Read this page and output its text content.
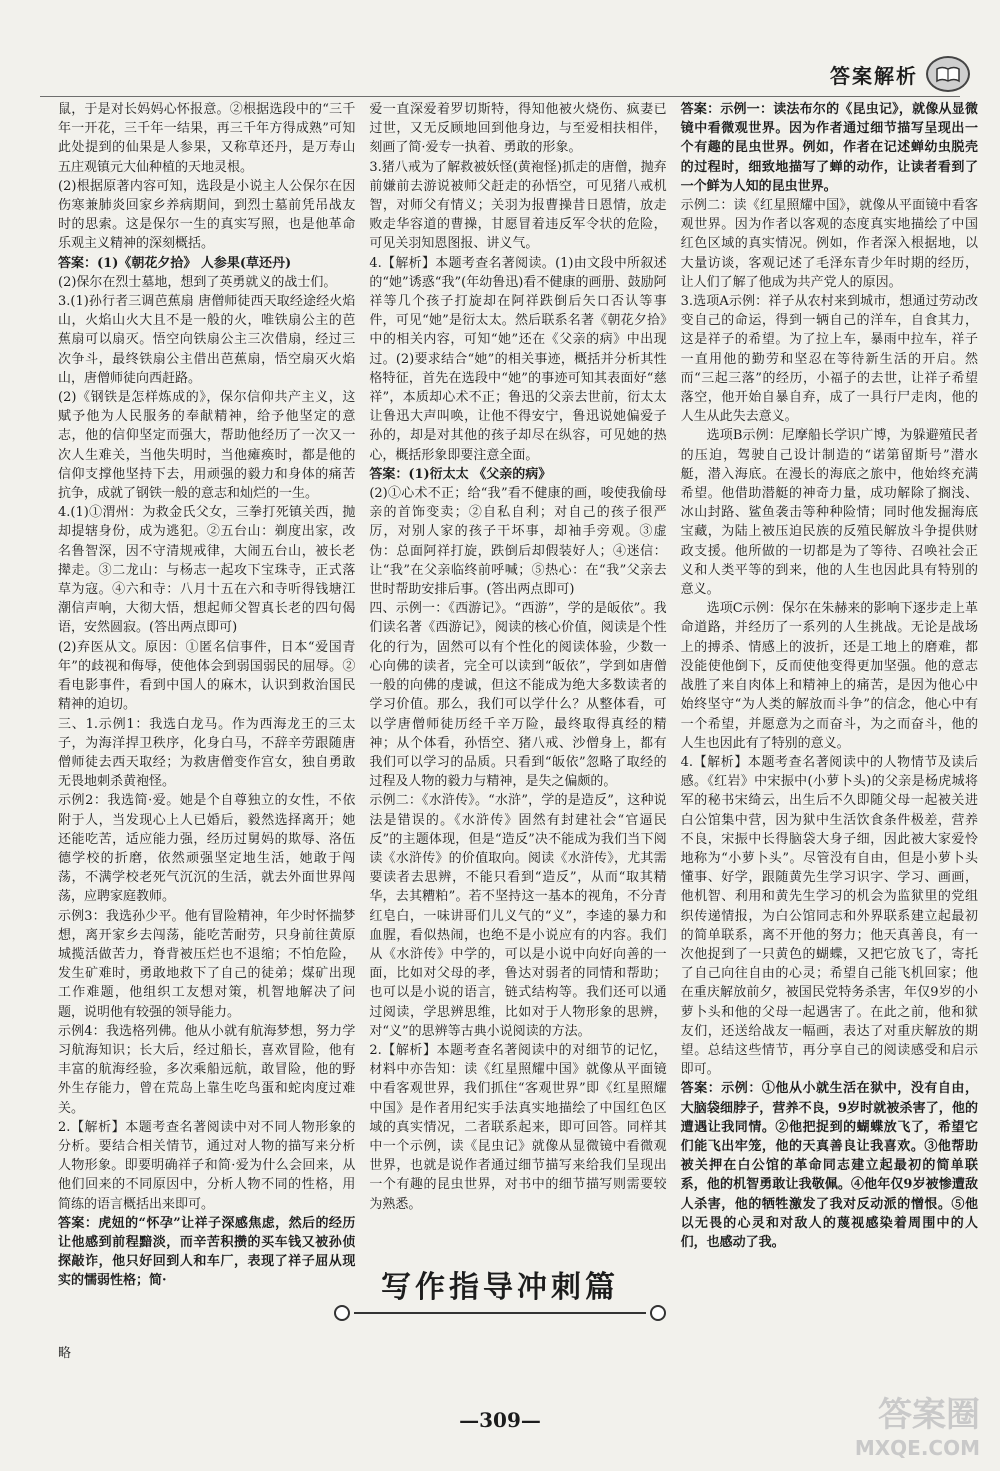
答案解析

鼠，于是对长妈妈心怀报意。②根据选段中的“三千年一开花，三千年一结果，再三千年方得成熟”可知此处提到的仙果是人参果，又称草还丹，是万寿山五庄观镇元大仙种植的天地灵根。

(2)根据原著内容可知，选段是小说主人公保尔在因伤寒兼肺炎回家乡养病期间，到烈士墓前凭吊战友时的思索。这是保尔一生的真实写照，也是他革命乐观主义精神的深刻概括。

答案：(1)《朝花夕拾》 人参果(草还丹)

(2)保尔在烈士墓地，想到了英勇就义的战士们。

3.(1)孙行者三调芭蕉扇 唐僧师徒西天取经途经火焰山，火焰山火大且不是一般的火，唯铁扇公主的芭蕉扇可以扇灭。悟空向铁扇公主三次借扇，经过三次争斗，最终铁扇公主借出芭蕉扇，悟空扇灭火焰山，唐僧师徒向西赶路。

(2)《钢铁是怎样炼成的》，保尔信仰共产主义，这赋予他为人民服务的奉献精神，给予他坚定的意志，他的信仰坚定而强大，帮助他经历了一次又一次人生难关，当他失明时，当他瘫痪时，都是他的信仰支撑他坚持下去，用顽强的毅力和身体的痛苦抗争，成就了钢铁一般的意志和灿烂的一生。

4.(1)①渭州：为救金氏父女，三拳打死镇关西，抛却提辖身份，成为逃犯。②五台山：剃度出家，改名鲁智深，因不守清规戒律，大闹五台山，被长老撵走。③二龙山：与杨志一起攻下宝珠寺，正式落草为寇。④六和寺：八月十五在六和寺听得钱塘江潮信声响，大彻大悟，想起师父智真长老的四句偈语，安然圆寂。(答出两点即可)

(2)弃医从文。原因：①匿名信事件，日本“爱国青年”的歧视和侮辱，使他体会到弱国弱民的屈辱。②看电影事件，看到中国人的麻木，认识到救治国民精神的迫切。

三、1.示例1：我选白龙马。作为西海龙王的三太子，为海洋捍卫秩序，化身白马，不辞辛劳跟随唐僧师徒去西天取经；为救唐僧变作宫女，独自勇敢无畏地刺杀黄袍怪。

示例2：我选简·爱。她是个自尊独立的女性，不依附于人，当发现心上人已婚后，毅然选择离开；她还能吃苦，适应能力强，经历过舅妈的欺辱、洛伍德学校的折磨，依然顽强坚定地生活，她敢于闯荡，不满学校老死气沉沉的生活，就去外面世界闯荡，应聘家庭教师。

示例3：我选孙少平。他有冒险精神，年少时怀揣梦想，离开家乡去闯荡，能吃苦耐劳，只身前往黄原城揽活做苦力，脊背被压烂也不退缩；不怕危险，发生矿难时，勇敢地救下了自己的徒弟；煤矿出现工作难题，他组织工友想对策，机智地解决了问题，说明他有较强的领导能力。

示例4：我选格列佛。他从小就有航海梦想，努力学习航海知识；长大后，经过船长，喜欢冒险，他有丰富的航海经验，多次乘船远航，敢冒险，他的野外生存能力，曾在荒岛上靠生吃鸟蛋和蛇肉度过难关。

2.【解析】本题考查名著阅读中对不同人物形象的分析。要结合相关情节，通过对人物的描写来分析人物形象。即要明确祥子和简·爱为什么会回来，从他们回来的不同原因中，分析人物不同的性格，用简练的语言概括出来即可。

答案：虎妞的“怀孕”让祥子深感焦虑，然后的经历让他感到前程黯淡，而辛苦积攒的买车钱又被孙侦探敲诈，他只好回到人和车厂，表现了祥子屈从现实的懦弱性格；简·

爱一直深爱着罗切斯特，得知他被火烧伤、疯妻已过世，又无反顾地回到他身边，与至爱相扶相伴，刻画了简·爱专一执着、勇敢的形象。

3.猪八戒为了解救被妖怪(黄袍怪)抓走的唐僧，抛弃前嫌前去游说被师父赶走的孙悟空，可见猪八戒机智，对师父有情义；关羽为报曹操昔日恩情，放走败走华容道的曹操，甘愿冒着违反军令状的危险，可见关羽知恩图报、讲义气。

4.【解析】本题考查名著阅读。(1)由文段中所叙述的“她”诱惑“我”(年幼鲁迅)看不健康的画册、鼓励阿祥等几个孩子打旋却在阿祥跌倒后矢口否认等事件，可见“她”是衍太太。然后联系名著《朝花夕拾》中的相关内容，可知“她”还在《父亲的病》中出现过。(2)要求结合“她”的相关事迹，概括并分析其性格特征，首先在选段中“她”的事迹可知其表面好“慈祥”，本质却心术不正；鲁迅的父亲去世前，衍太太让鲁迅大声叫唤，让他不得安宁，鲁迅说她偏爱子孙的，却是对其他的孩子却尽在纵容，可见她的热心，概括形象即要注意全面。

答案：(1)衍太太 《父亲的病》

(2)①心术不正；给“我”看不健康的画，唆使我偷母亲的首饰变卖；②自私自利；对自己的孩子很严厉，对别人家的孩子干坏事，却袖手旁观。③虚伪：总面阿祥打旋，跌倒后却假装好人；④迷信：让“我”在父亲临终前呼喊；⑤热心：在“我”父亲去世时帮助安排后事。(答出两点即可)

四、示例一：《西游记》。“西游”，学的是皈依”。我们读名著《西游记》，阅读的核心价值，阅读是个性化的行为，固然可以有个性化的阅读体验，少数一心向佛的读者，完全可以读到“皈依”，学到如唐僧一般的向佛的虔诚，但这不能成为绝大多数读者的学习价值。那么，我们可以学什么？从整体看，可以学唐僧师徒历经千辛万险，最终取得真经的精神；从个体看，孙悟空、猪八戒、沙僧身上，都有我们可以学习的品质。只看到“皈依”忽略了取经的过程及人物的毅力与精神，是失之偏颇的。

示例二：《水浒传》。“水浒”，学的是造反”，这种说法是错误的。《水浒传》固然有封建社会“官逼民反”的主题体现，但是“造反”决不能成为我们当下阅读《水浒传》的价值取向。阅读《水浒传》，尤其需要读者去思辨，不能只看到“造反”，从而“取其精华，去其糟粕”。若不坚持这一基本的视角，不分青红皂白，一味讲哥们儿义气的“义”，李逵的暴力和血腥，看似热闹，也绝不是小说应有的内容。我们从《水浒传》中学的，可以是小说中向好向善的一面，比如对父母的孝，鲁达对弱者的同情和帮助；也可以是小说的语言，链式结构等。我们还可以通过阅读，学思辨思维，比如对于人物形象的思辨，对“义”的思辨等古典小说阅读的方法。

2.【解析】本题考查名著阅读中的对细节的记忆，材料中亦告知：读《红星照耀中国》就像从平面镜中看客观世界，我们抓住“客观世界”即《红星照耀中国》是作者用纪实手法真实地描绘了中国红色区域的真实情况，二者联系起来，即可回答。同样其中一个示例，读《昆虫记》就像从显微镜中看微观世界，也就是说作者通过细节描写来给我们呈现出一个有趣的昆虫世界，对书中的细节描写则需要较为熟悉。

答案：示例一：读法布尔的《昆虫记》，就像从显微镜中看微观世界。因为作者通过细节描写呈现出一个有趣的昆虫世界。例如，作者在记述蝉幼虫脱壳的过程时，细致地描写了蝉的动作，让读者看到了一个鲜为人知的昆虫世界。

示例二：读《红星照耀中国》，就像从平面镜中看客观世界。因为作者以客观的态度真实地描绘了中国红色区域的真实情况。例如，作者深入根据地，以大量访谈，客观记述了毛泽东青少年时期的经历，让人们了解了他成为共产党人的原因。

3.选项A示例：祥子从农村来到城市，想通过劳动改变自己的命运，得到一辆自己的洋车，自食其力，这是祥子的希望。为了拉上车，暴雨中拉车，祥子一直用他的勤劳和坚忍在等待新生活的开启。然而“三起三落”的经历，小福子的去世，让祥子希望落空，他开始自暴自弃，成了一具行尸走肉，他的人生从此失去意义。

选项B示例：尼摩船长学识广博，为躲避殖民者的压迫，驾驶自己设计制造的“诺第留斯号”潜水艇，潜入海底。在漫长的海底之旅中，他始终充满希望。他借助潜艇的神奇力量，成功解除了搁浅、冰山封路、鲨鱼袭击等种种险情；同时他发掘海底宝藏，为陆上被压迫民族的反殖民解放斗争提供财政支援。他所做的一切都是为了等待、召唤社会正义和人类平等的到来，他的人生也因此具有特别的意义。

选项C示例：保尔在朱赫来的影响下逐步走上革命道路，并经历了一系列的人生挑战。无论是战场上的搏杀、情感上的波折，还是工地上的磨难，都没能使他倒下，反而使他变得更加坚强。他的意志战胜了来自肉体上和精神上的痛苦，是因为他心中始终坚守“为人类的解放而斗争”的信念，他心中有一个希望，并愿意为之而奋斗，为之而奋斗，他的人生也因此有了特别的意义。

4.【解析】本题考查名著阅读中的人物情节及读后感。《红岩》中宋振中(小萝卜头)的父亲是杨虎城将军的秘书宋绮云，出生后不久即随父母一起被关进白公馆集中营，因为狱中生活饮食条件极差，营养不良，宋振中长得脑袋大身子细，因此被大家爱怜地称为“小萝卜头”。尽管没有自由，但是小萝卜头懂事、好学，跟随黄先生学习识字、学习、画画，他机智、利用和黄先生学习的机会为监狱里的党组织传递情报，为白公馆同志和外界联系建立起最初的简单联系，离不开他的努力；他天真善良，有一次他捉到了一只黄色的蝴蝶，又把它放飞了，寄托了自己向往自由的心灵；希望自己能飞机回家；他在重庆解放前夕，被国民党特务杀害，年仅9岁的小萝卜头和他的父母一起遇害了。在此之前，他和狱友们，还送给战友一幅画，表达了对重庆解放的期望。总结这些情节，再分享自己的阅读感受和启示即可。

答案：示例：①他从小就生活在狱中，没有自由，大脑袋细脖子，营养不良，9岁时就被杀害了，他的遭遇让我同情。②他把捉到的蝴蝶放飞了，希望它们能飞出牢笼，他的天真善良让我喜欢。③他帮助被关押在白公馆的革命同志建立起最初的简单联系，他的机智勇敢让我敬佩。④他年仅9岁被惨遭敌人杀害，他的牺牲激发了我对反动派的憎恨。⑤他以无畏的心灵和对敌人的蔑视感染着周围中的人们，也感动了我。

写作指导冲刺篇
略
—309—	答案圈
MXQE.COM
